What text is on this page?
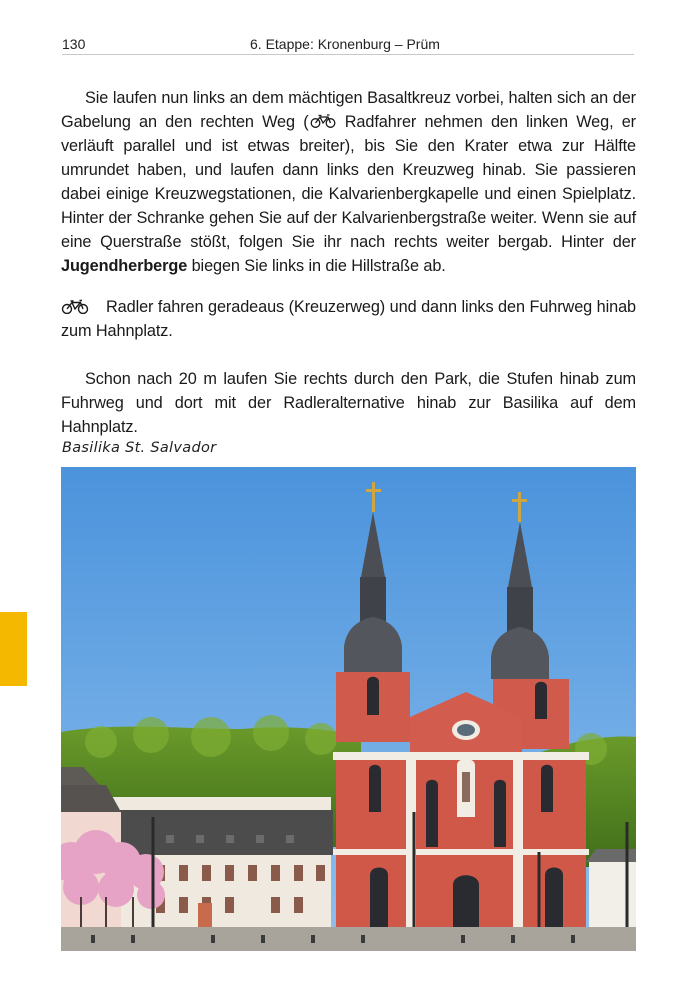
130	6. Etappe: Kronenburg – Prüm
Sie laufen nun links an dem mächtigen Basaltkreuz vorbei, halten sich an der Gabelung an den rechten Weg ( Radfahrer nehmen den linken Weg, er verläuft parallel und ist etwas breiter), bis Sie den Krater etwa zur Hälfte umrundet haben, und laufen dann links den Kreuzweg hinab. Sie passieren dabei einige Kreuzwegstationen, die Kalvarienbergkapelle und einen Spielplatz. Hinter der Schranke gehen Sie auf der Kalvarienbergstraße weiter. Wenn sie auf eine Querstraße stößt, folgen Sie ihr nach rechts weiter bergab. Hinter der Jugendherberge biegen Sie links in die Hillstraße ab.
Radler fahren geradeaus (Kreuzerweg) und dann links den Fuhrweg hinab zum Hahnplatz.
Schon nach 20 m laufen Sie rechts durch den Park, die Stufen hinab zum Fuhrweg und dort mit der Radleralternative hinab zur Basilika auf dem Hahnplatz.
Basilika St. Salvador
